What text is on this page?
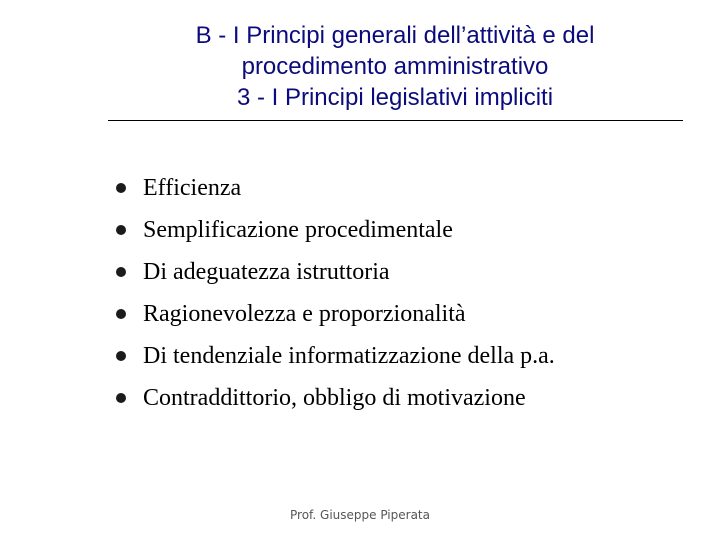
B - I Principi generali dell’attività e del
procedimento amministrativo
3 - I Principi legislativi impliciti
Efficienza
Semplificazione procedimentale
Di adeguatezza istruttoria
Ragionevolezza e proporzionalità
Di tendenziale informatizzazione della p.a.
Contraddittorio, obbligo di motivazione
Prof. Giuseppe Piperata
